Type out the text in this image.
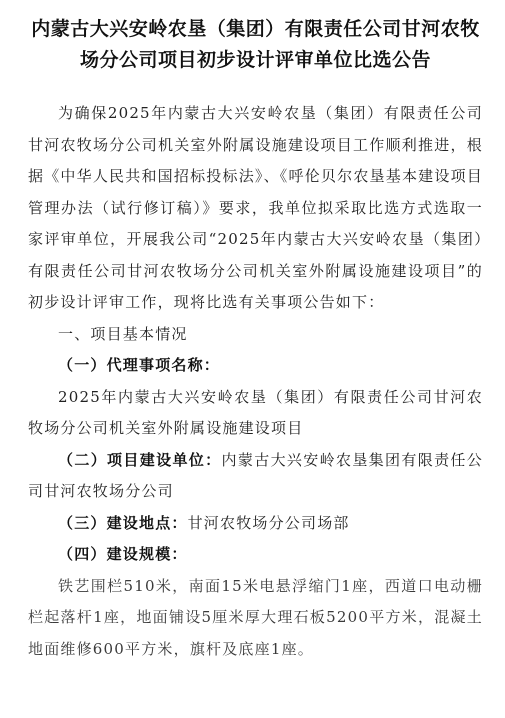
内蒙古大兴安岭农垦（集团）有限责任公司甘河农牧
场分公司项目初步设计评审单位比选公告

为确保2025年内蒙古大兴安岭农垦（集团）有限责任公司甘河农牧场分公司机关室外附属设施建设项目工作顺利推进，根据《中华人民共和国招标投标法》、《呼伦贝尔农垦基本建设项目管理办法（试行修订稿）》要求，我单位拟采取比选方式选取一家评审单位，开展我公司“2025年内蒙古大兴安岭农垦（集团）有限责任公司甘河农牧场分公司机关室外附属设施建设项目”的初步设计评审工作，现将比选有关事项公告如下：

一、项目基本情况

（一）代理事项名称：

2025年内蒙古大兴安岭农垦（集团）有限责任公司甘河农牧场分公司机关室外附属设施建设项目

（二）项目建设单位：内蒙古大兴安岭农垦集团有限责任公司甘河农牧场分公司

（三）建设地点：甘河农牧场分公司场部

（四）建设规模：

铁艺围栏510米，南面15米电悬浮缩门1座，西道口电动栅栏起落杆1座，地面铺设5厘米厚大理石板5200平方米，混凝土地面维修600平方米，旗杆及底座1座。
